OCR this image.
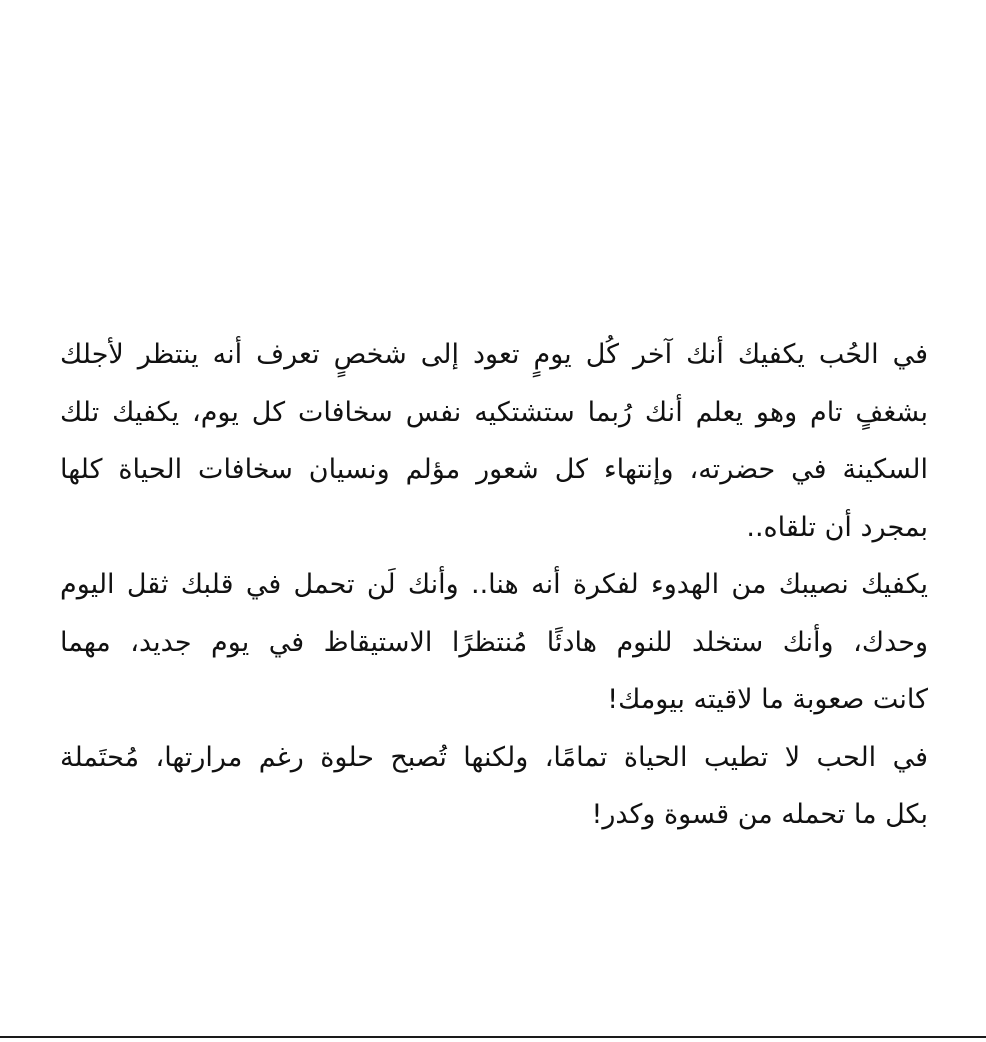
في الحُب يكفيك أنك آخر كُل يومٍ تعود إلى شخصٍ تعرف أنه ينتظر لأجلك
بشغفٍ تام وهو يعلم أنك رُبما ستشتكيه نفس سخافات كل يوم، يكفيك تلك
السكينة في حضرته، وإنتهاء كل شعور مؤلم ونسيان سخافات الحياة كلها
بمجرد أن تلقاه..
يكفيك نصيبك من الهدوء لفكرة أنه هنا.. وأنك لَن تحمل في قلبك ثقل اليوم
وحدك، وأنك ستخلد للنوم هادئًا مُنتظرًا الاستيقاظ في يوم جديد، مهما
كانت صعوبة ما لاقيته بيومك!
في الحب لا تطيب الحياة تمامًا، ولكنها تُصبح حلوة رغم مرارتها، مُحتَملة
بكل ما تحمله من قسوة وكدر!
